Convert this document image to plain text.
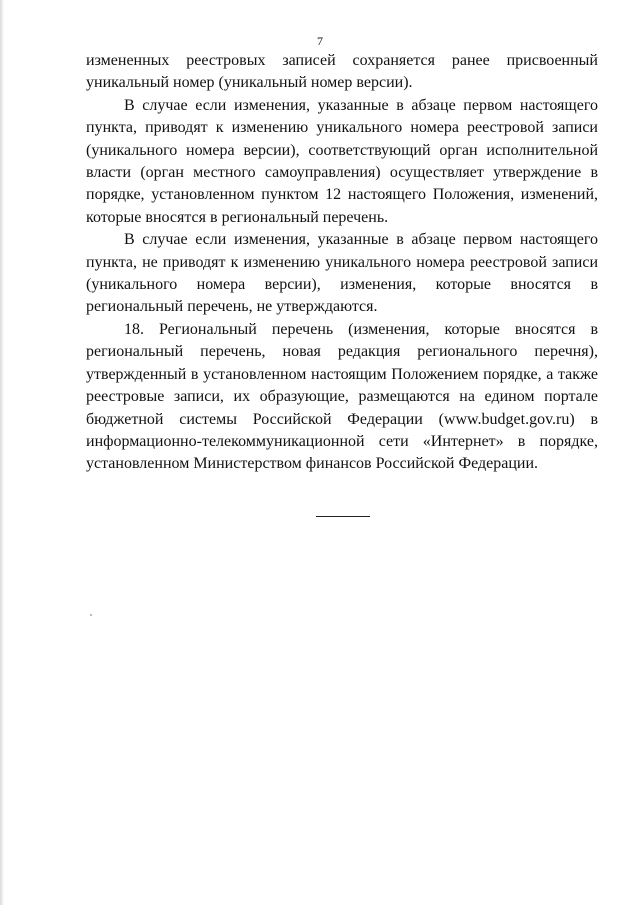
7

измененных реестровых записей сохраняется ранее присвоенный уникальный номер (уникальный номер версии).

В случае если изменения, указанные в абзаце первом настоящего пункта, приводят к изменению уникального номера реестровой записи (уникального номера версии), соответствующий орган исполнительной власти (орган местного самоуправления) осуществляет утверждение в порядке, установленном пунктом 12 настоящего Положения, изменений, которые вносятся в региональный перечень.

В случае если изменения, указанные в абзаце первом настоящего пункта, не приводят к изменению уникального номера реестровой записи (уникального номера версии), изменения, которые вносятся в региональный перечень, не утверждаются.

18. Региональный перечень (изменения, которые вносятся в региональный перечень, новая редакция регионального перечня), утвержденный в установленном настоящим Положением порядке, а также реестровые записи, их образующие, размещаются на едином портале бюджетной системы Российской Федерации (www.budget.gov.ru) в информационно-телекоммуникационной сети «Интернет» в порядке, установленном Министерством финансов Российской Федерации.
